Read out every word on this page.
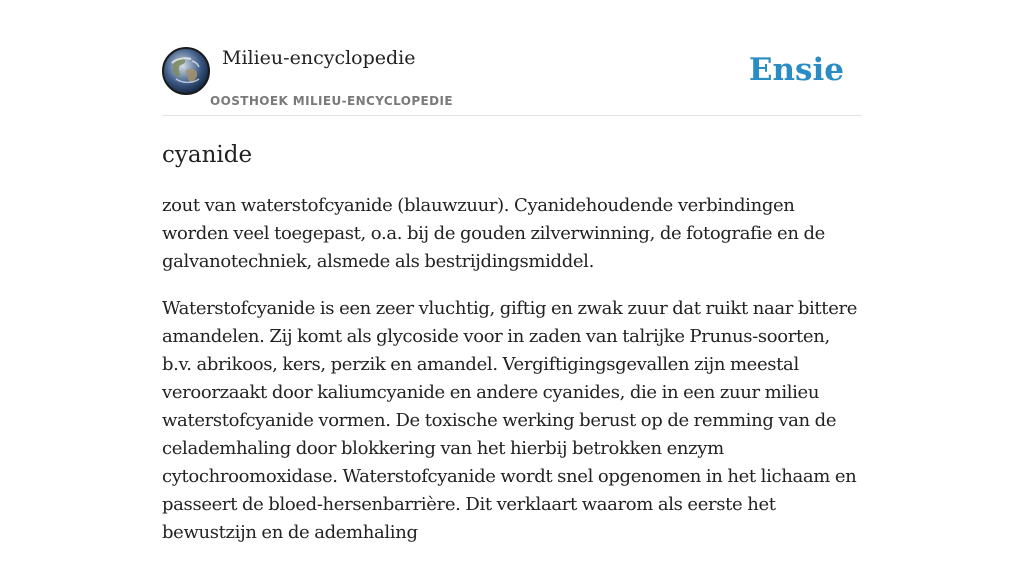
Milieu-encyclopedie
OOSTHOEK MILIEU-ENCYCLOPEDIE
Ensie
cyanide

zout van waterstofcyanide (blauwzuur). Cyanidehoudende verbindingen worden veel toegepast, o.a. bij de gouden zilverwinning, de fotografie en de galvanotechniek, alsmede als bestrijdingsmiddel.

Waterstofcyanide is een zeer vluchtig, giftig en zwak zuur dat ruikt naar bittere amandelen. Zij komt als glycoside voor in zaden van talrijke Prunus-soorten, b.v. abrikoos, kers, perzik en amandel. Vergiftigingsgevallen zijn meestal veroorzaakt door kaliumcyanide en andere cyanides, die in een zuur milieu waterstofcyanide vormen. De toxische werking berust op de remming van de celademhaling door blokkering van het hierbij betrokken enzym cytochroomoxidase. Waterstofcyanide wordt snel opgenomen in het lichaam en passeert de bloed-hersenbarrière. Dit verklaart waarom als eerste het bewustzijn en de ademhaling
